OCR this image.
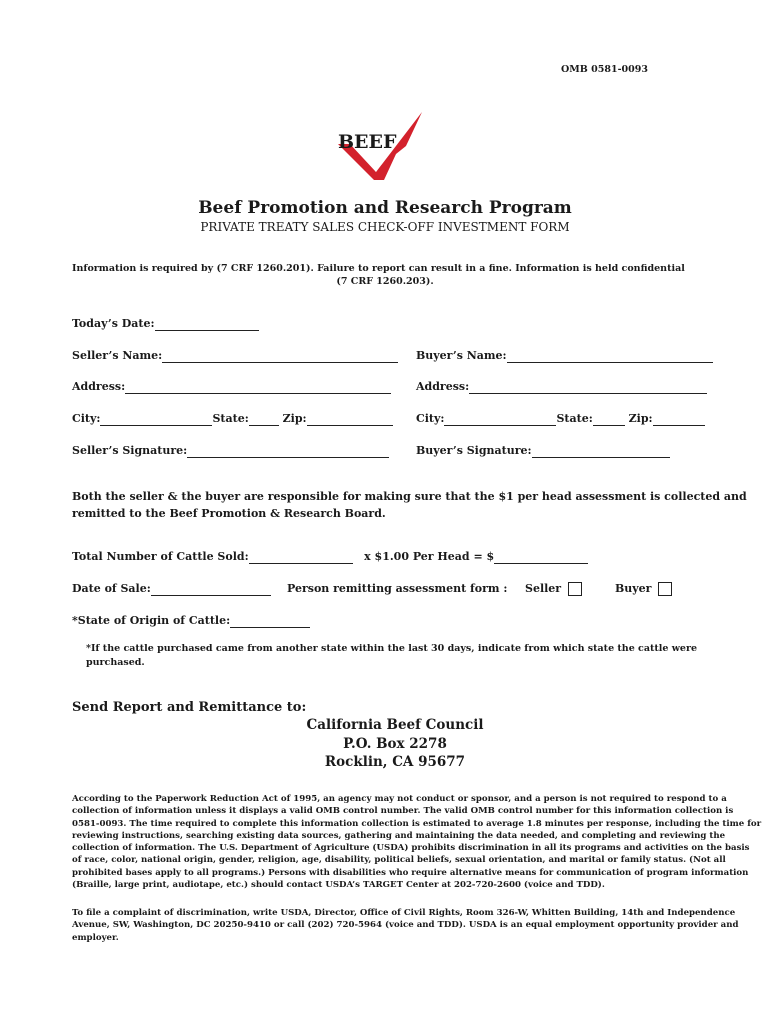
OMB 0581-0093
BEEF
Beef Promotion and Research Program
PRIVATE TREATY SALES CHECK-OFF INVESTMENT FORM
Information is required by (7 CRF 1260.201). Failure to report can result in a fine. Information is held confidential
(7 CRF 1260.203).
Today’s Date:
Seller’s Name:	Buyer’s Name:
Address:	Address:
City:	State:	Zip:	City:	State:	Zip:
Seller’s Signature:	Buyer’s Signature:
Both the seller & the buyer are responsible for making sure that the $1 per head assessment is collected and
remitted to the Beef Promotion & Research Board.
Total Number of Cattle Sold:	x $1.00 Per Head = $
Date of Sale:	Person remitting assessment form : Seller	Buyer
*State of Origin of Cattle:
*If the cattle purchased came from another state within the last 30 days, indicate from which state the cattle were
purchased.
Send Report and Remittance to:
California Beef Council
P.O. Box 2278
Rocklin, CA 95677
According to the Paperwork Reduction Act of 1995, an agency may not conduct or sponsor, and a person is not required to respond to a
collection of information unless it displays a valid OMB control number. The valid OMB control number for this information collection is
0581-0093. The time required to complete this information collection is estimated to average 1.8 minutes per response, including the time for
reviewing instructions, searching existing data sources, gathering and maintaining the data needed, and completing and reviewing the
collection of information. The U.S. Department of Agriculture (USDA) prohibits discrimination in all its programs and activities on the basis
of race, color, national origin, gender, religion, age, disability, political beliefs, sexual orientation, and marital or family status. (Not all
prohibited bases apply to all programs.) Persons with disabilities who require alternative means for communication of program information
(Braille, large print, audiotape, etc.) should contact USDA’s TARGET Center at 202-720-2600 (voice and TDD).
To file a complaint of discrimination, write USDA, Director, Office of Civil Rights, Room 326-W, Whitten Building, 14th and Independence
Avenue, SW, Washington, DC 20250-9410 or call (202) 720-5964 (voice and TDD). USDA is an equal employment opportunity provider and
employer.
